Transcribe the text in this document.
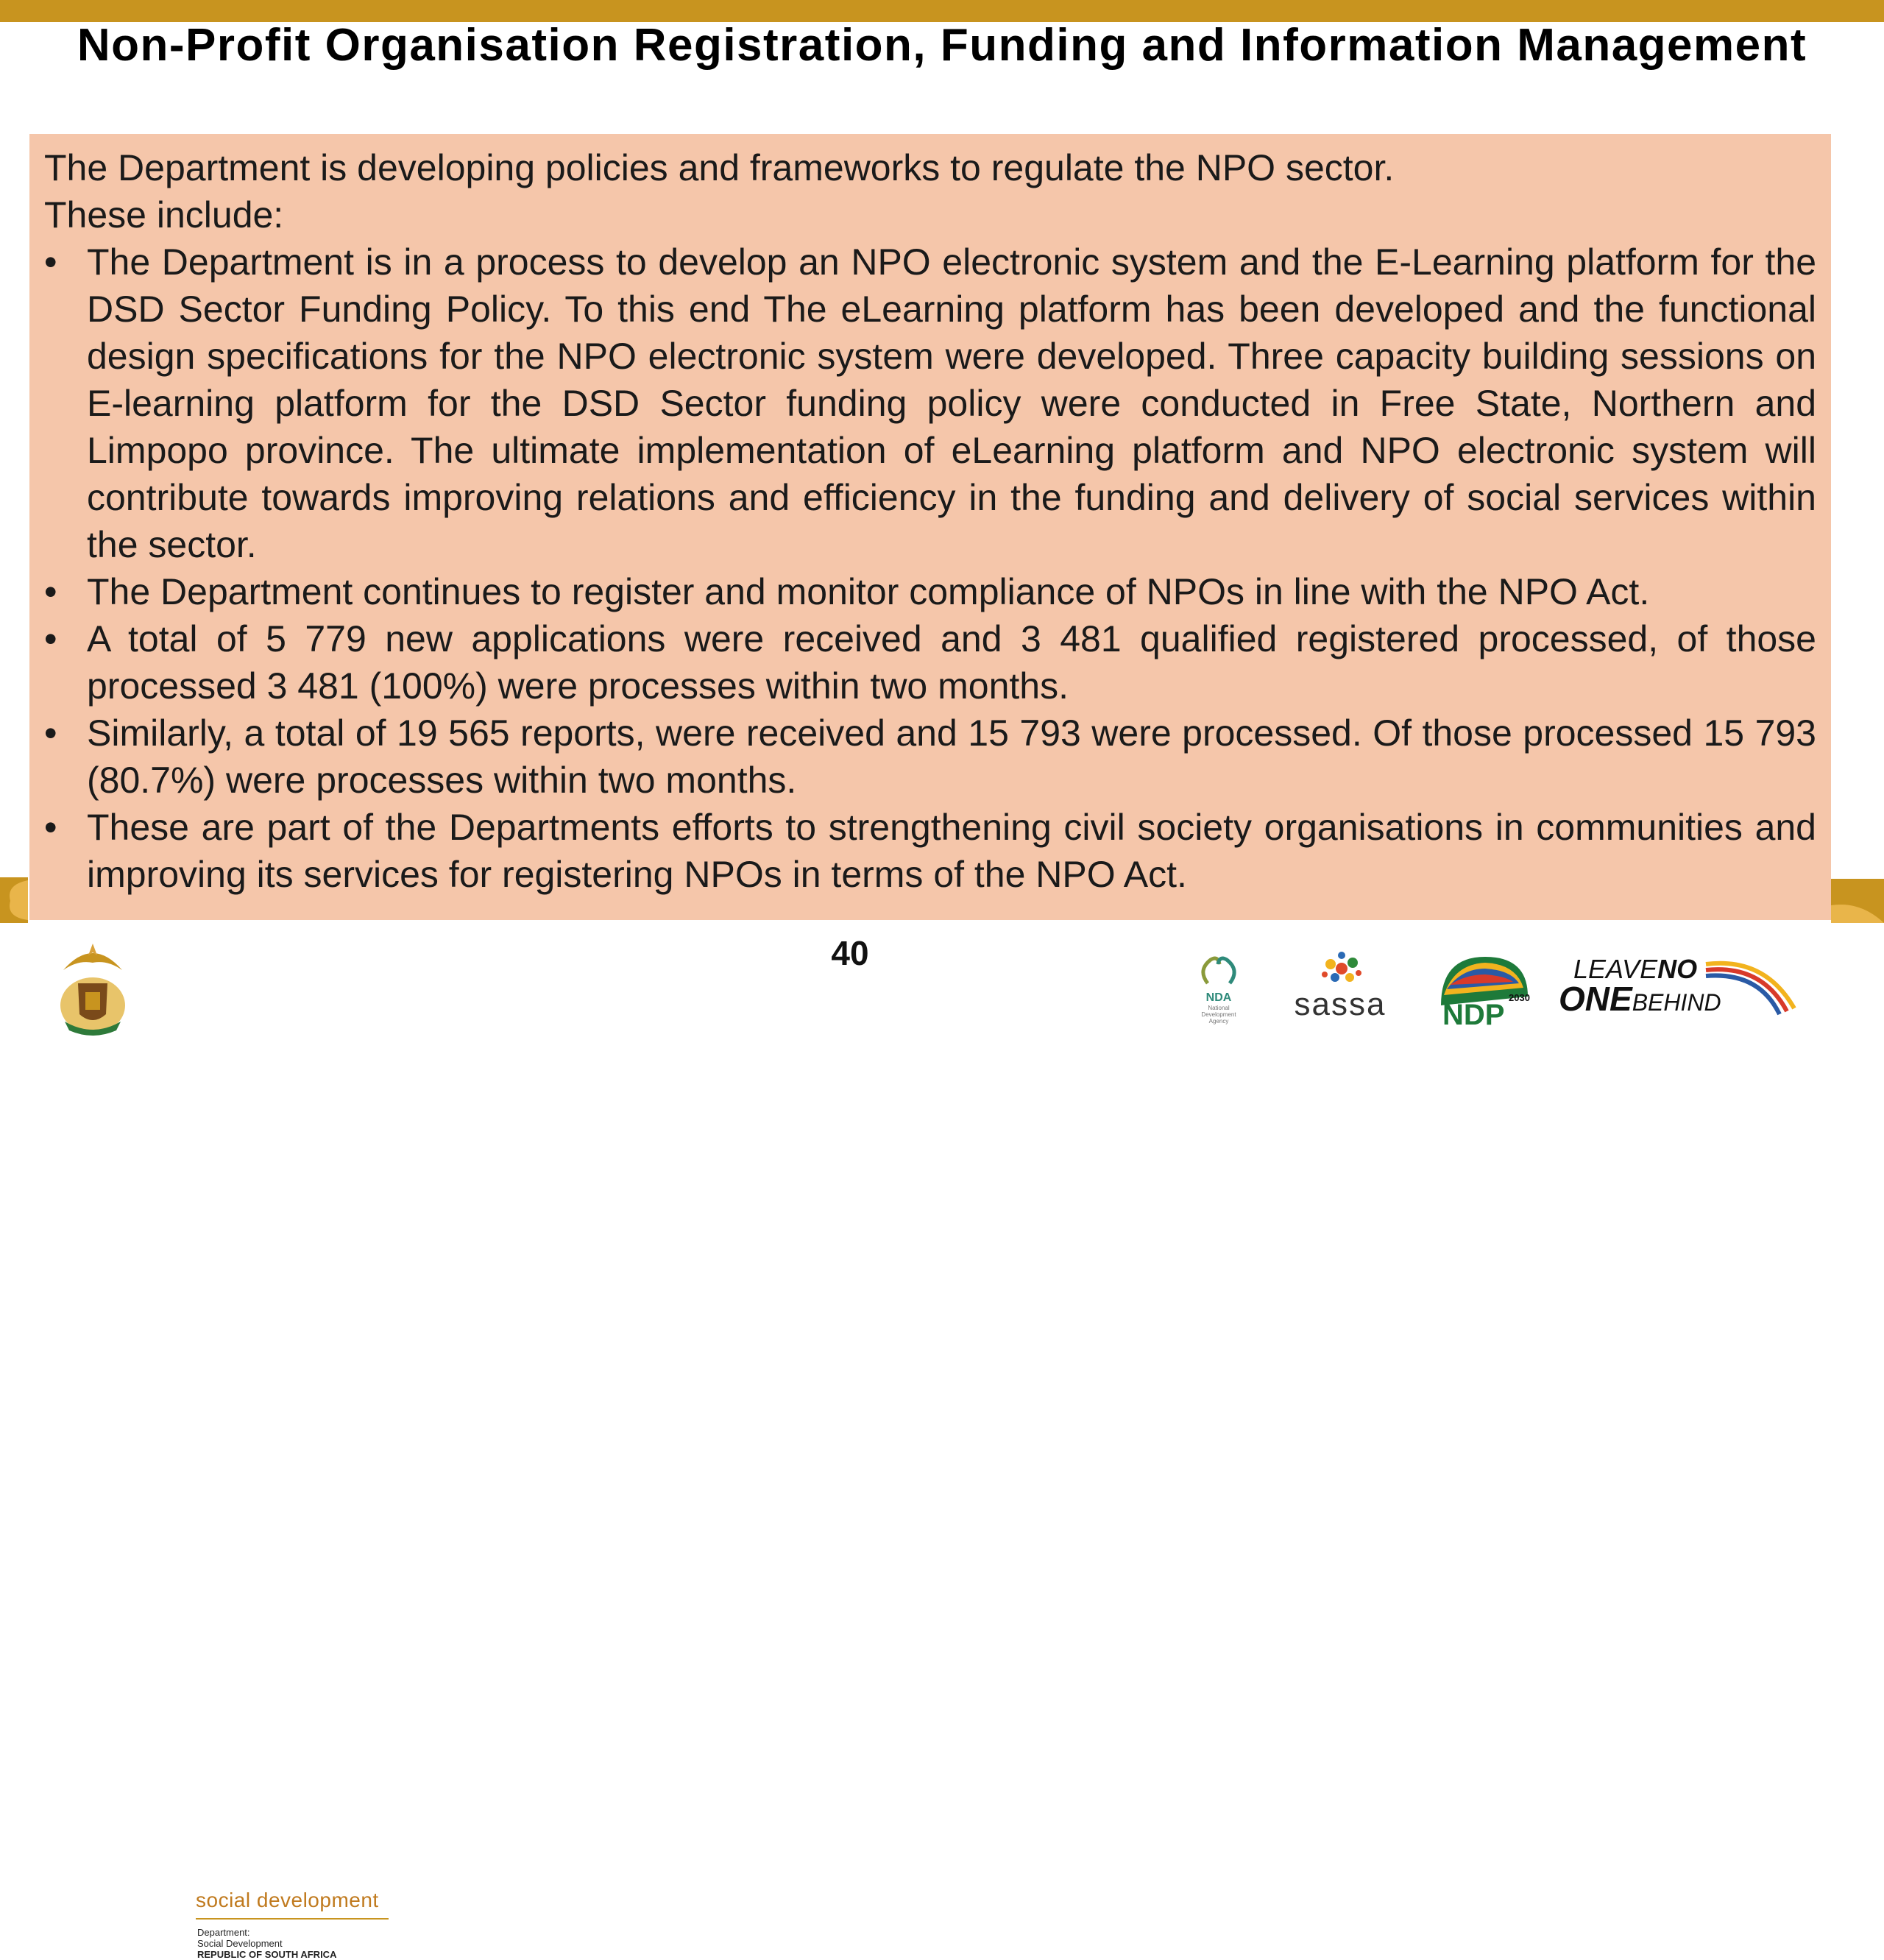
Non-Profit Organisation Registration, Funding and Information Management

The Department is developing policies and frameworks to regulate the NPO sector.

These include:

• The Department is in a process to develop an NPO electronic system and the E-Learning platform for the DSD Sector Funding Policy. To this end The eLearning platform has been developed and the functional design specifications for the NPO electronic system were developed. Three capacity building sessions on E-learning platform for the DSD Sector funding policy were conducted in Free State, Northern and Limpopo province. The ultimate implementation of eLearning platform and NPO electronic system will contribute towards improving relations and efficiency in the funding and delivery of social services within the sector.
• The Department continues to register and monitor compliance of NPOs in line with the NPO Act.
• A total of 5 779 new applications were received and 3 481 qualified registered processed, of those processed 3 481 (100%) were processes within two months.
• Similarly, a total of 19 565 reports, were received and 15 793 were processed. Of those processed 15 793 (80.7%) were processes within two months.
• These are part of the Departments efforts to strengthening civil society organisations in communities and improving its services for registering NPOs in terms of the NPO Act.
40
social development
Department:
Social Development
REPUBLIC OF SOUTH AFRICA
NDA
National
Development
Agency	sassa	2030
NDP
LEAVENO
ONEBEHIND
